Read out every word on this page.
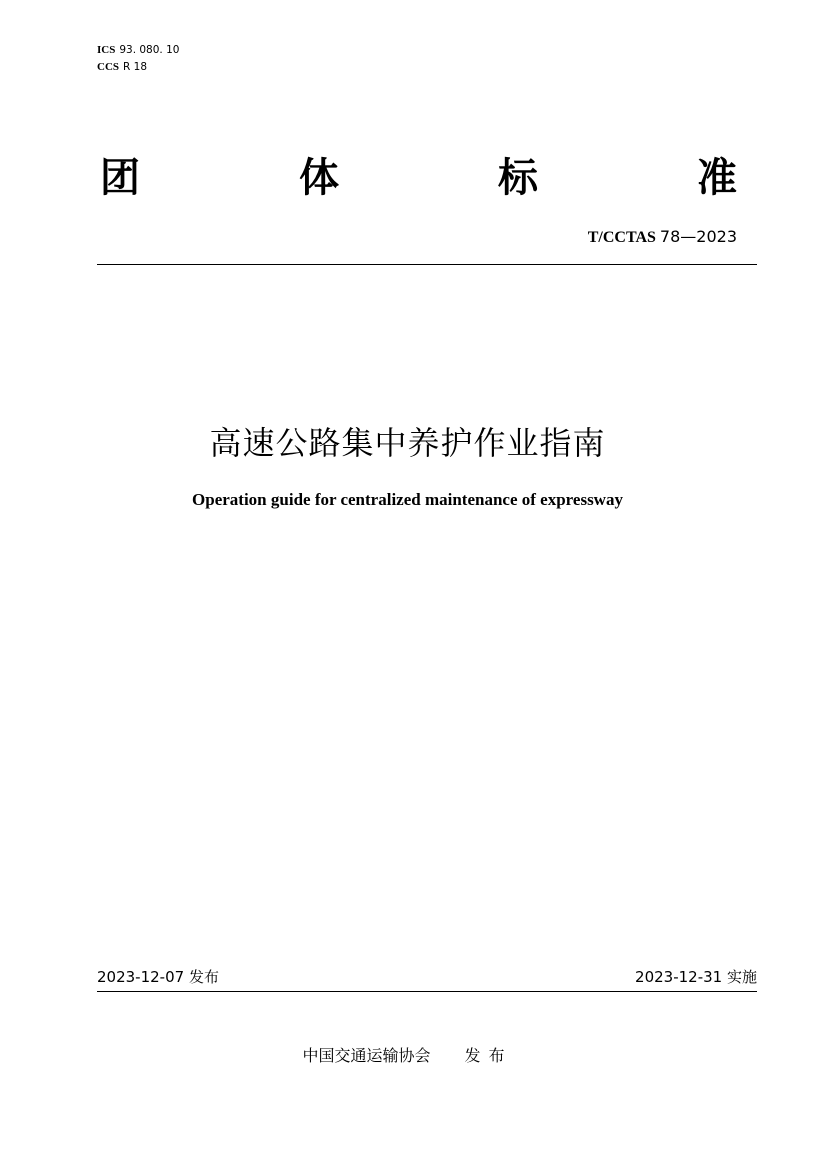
ICS 93. 080. 10
CCS R 18
团	体	标	准
T/CCTAS 78—2023
高速公路集中养护作业指南
Operation guide for centralized maintenance of expressway
2023-12-07 发布	2023-12-31 实施
中国交通运输协会 发布
